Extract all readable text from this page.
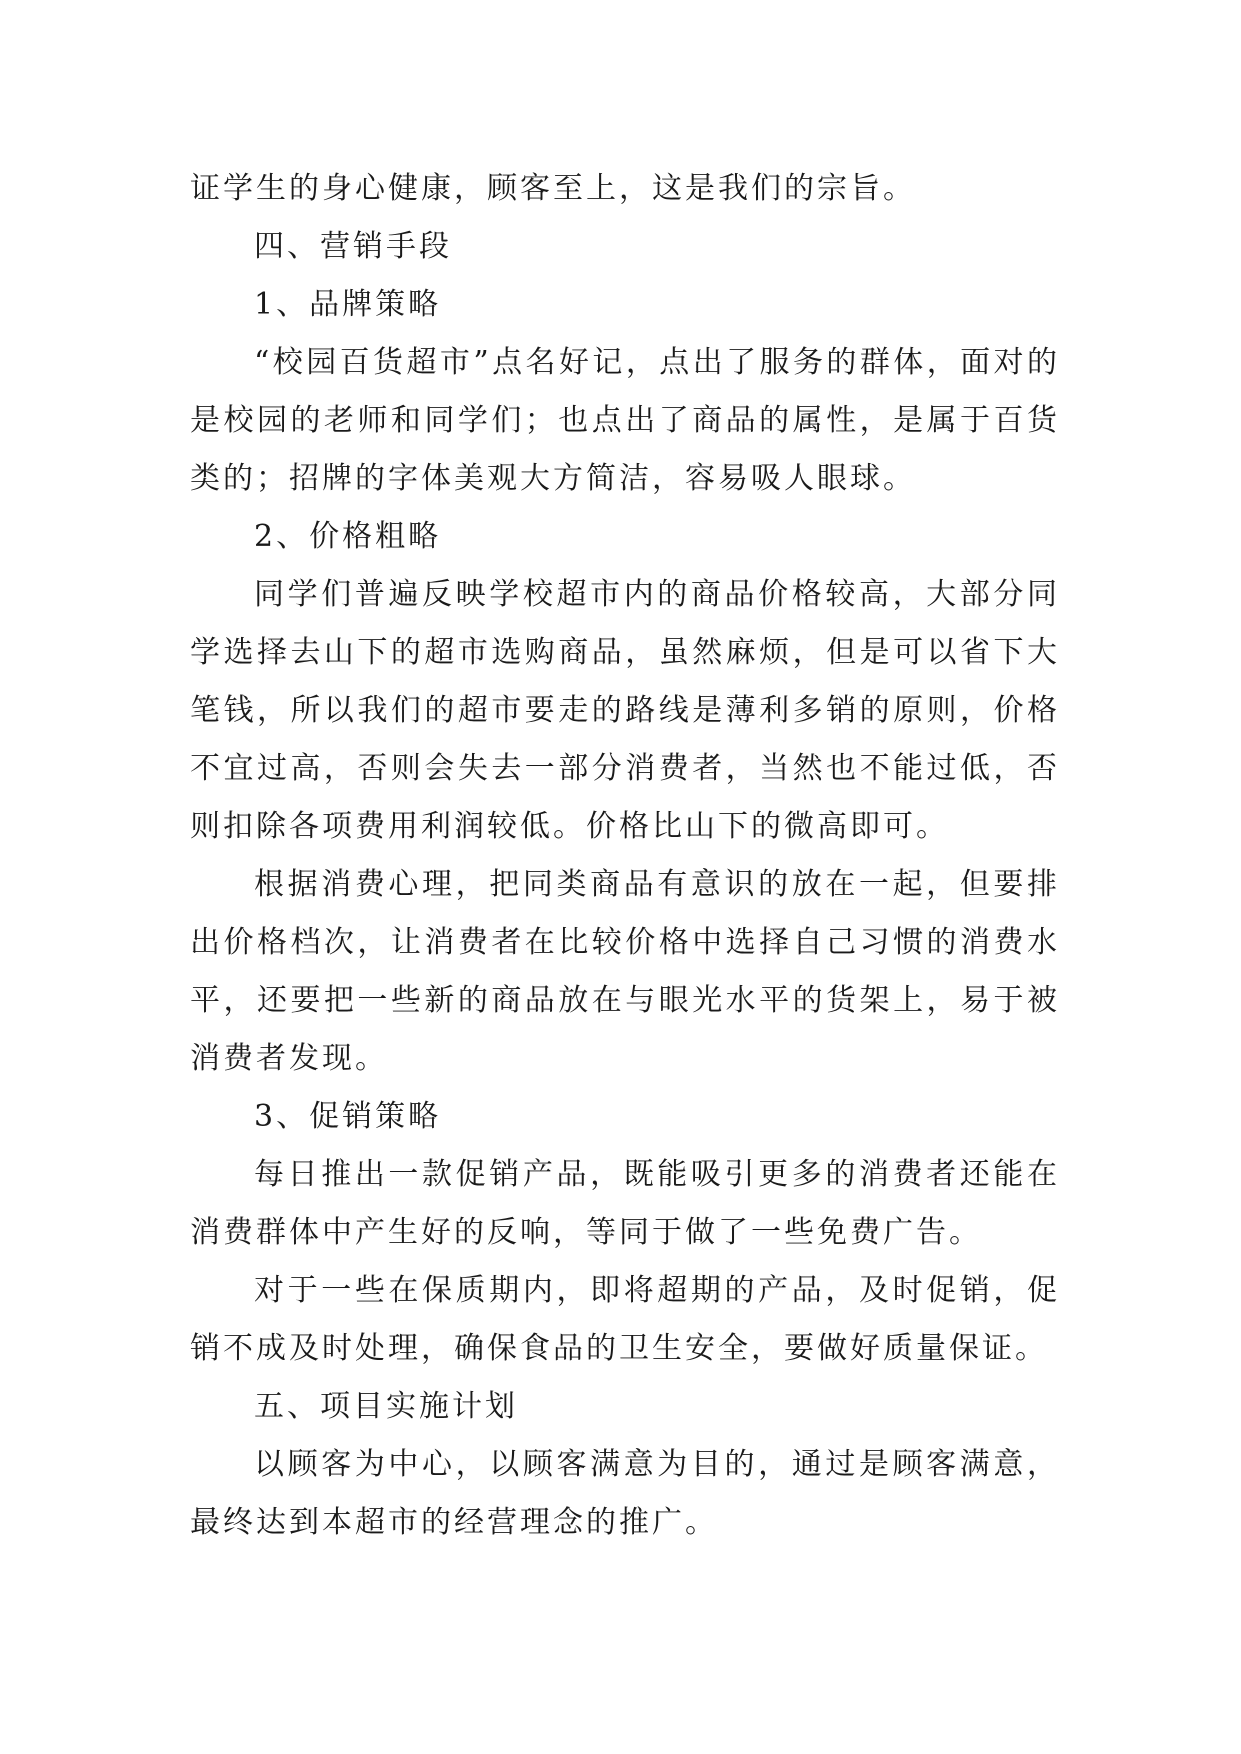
证学生的身心健康，顾客至上，这是我们的宗旨。

四、营销手段

1、品牌策略

“校园百货超市”点名好记，点出了服务的群体，面对的是校园的老师和同学们；也点出了商品的属性，是属于百货类的；招牌的字体美观大方简洁，容易吸人眼球。

2、价格粗略

同学们普遍反映学校超市内的商品价格较高，大部分同学选择去山下的超市选购商品，虽然麻烦，但是可以省下大笔钱，所以我们的超市要走的路线是薄利多销的原则，价格不宜过高，否则会失去一部分消费者，当然也不能过低，否则扣除各项费用利润较低。价格比山下的微高即可。

根据消费心理，把同类商品有意识的放在一起，但要排出价格档次，让消费者在比较价格中选择自己习惯的消费水平，还要把一些新的商品放在与眼光水平的货架上，易于被消费者发现。

3、促销策略

每日推出一款促销产品，既能吸引更多的消费者还能在消费群体中产生好的反响，等同于做了一些免费广告。

对于一些在保质期内，即将超期的产品，及时促销，促销不成及时处理，确保食品的卫生安全，要做好质量保证。

五、项目实施计划

以顾客为中心，以顾客满意为目的，通过是顾客满意，最终达到本超市的经营理念的推广。
